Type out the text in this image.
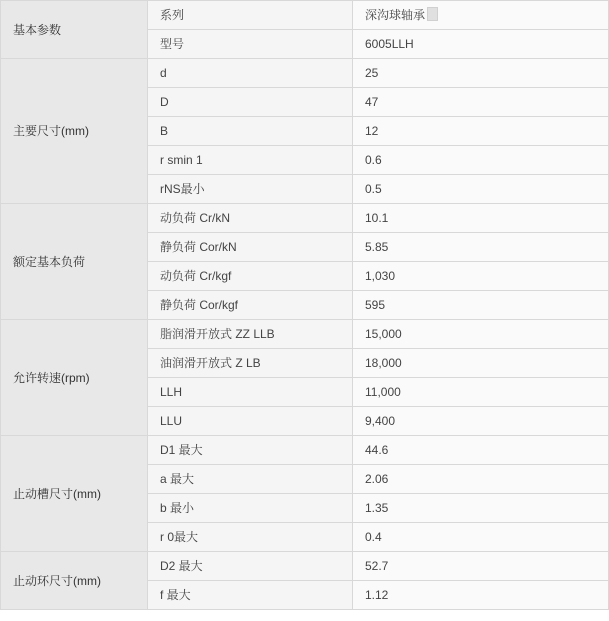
基本参数	系列	深沟球轴承
	型号	6005LLH

主要尺寸(mm)	d	25
	D	47
	B	12
	r smin 1	0.6
	rNS最小	0.5

额定基本负荷	动负荷 Cr/kN	10.1
	静负荷 Cor/kN	5.85
	动负荷 Cr/kgf	1,030
	静负荷 Cor/kgf	595

允许转速(rpm)	脂润滑开放式 ZZ LLB	15,000
	油润滑开放式 Z LB	18,000
	LLH	11,000
	LLU	9,400

止动槽尺寸(mm)	D1 最大	44.6
	a 最大	2.06
	b 最小	1.35
	r 0最大	0.4

止动环尺寸(mm)	D2 最大	52.7
	f 最大	1.12
